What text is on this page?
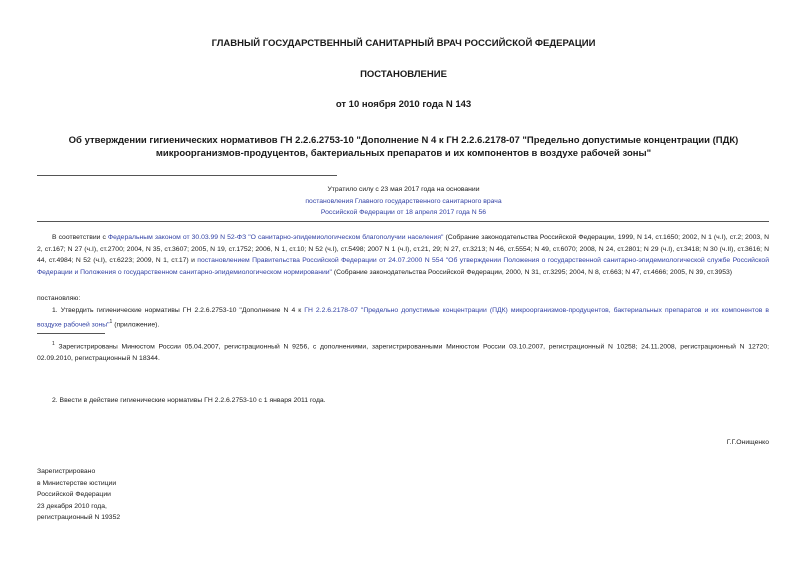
ГЛАВНЫЙ ГОСУДАРСТВЕННЫЙ САНИТАРНЫЙ ВРАЧ РОССИЙСКОЙ ФЕДЕРАЦИИ
ПОСТАНОВЛЕНИЕ
от 10 ноября 2010 года N 143
Об утверждении гигиенических нормативов ГН 2.2.6.2753-10 "Дополнение N 4 к ГН 2.2.6.2178-07 "Предельно допустимые концентрации (ПДК) микроорганизмов-продуцентов, бактериальных препаратов и их компонентов в воздухе рабочей зоны"
Утратило силу с 23 мая 2017 года на основании
постановления Главного государственного санитарного врача
Российской Федерации от 18 апреля 2017 года N 56
В соответствии с Федеральным законом от 30.03.99 N 52-ФЗ "О санитарно-эпидемиологическом благополучии населения" (Собрание законодательства Российской Федерации, 1999, N 14, ст.1650; 2002, N 1 (ч.I), ст.2; 2003, N 2, ст.167; N 27 (ч.I), ст.2700; 2004, N 35, ст.3607; 2005, N 19, ст.1752; 2006, N 1, ст.10; N 52 (ч.I), ст.5498; 2007 N 1 (ч.I), ст.21, 29; N 27, ст.3213; N 46, ст.5554; N 49, ст.6070; 2008, N 24, ст.2801; N 29 (ч.I), ст.3418; N 30 (ч.II), ст.3616; N 44, ст.4984; N 52 (ч.I), ст.6223; 2009, N 1, ст.17) и постановлением Правительства Российской Федерации от 24.07.2000 N 554 "Об утверждении Положения о государственной санитарно-эпидемиологической службе Российской Федерации и Положения о государственном санитарно-эпидемиологическом нормировании" (Собрание законодательства Российской Федерации, 2000, N 31, ст.3295; 2004, N 8, ст.663; N 47, ст.4666; 2005, N 39, ст.3953)
постановляю:
1. Утвердить гигиенические нормативы ГН 2.2.6.2753-10 "Дополнение N 4 к ГН 2.2.6.2178-07 "Предельно допустимые концентрации (ПДК) микроорганизмов-продуцентов, бактериальных препаратов и их компонентов в воздухе рабочей зоны"$^1$ (приложение).
$^1$ Зарегистрированы Минюстом России 05.04.2007, регистрационный N 9256, с дополнениями, зарегистрированными Минюстом России 03.10.2007, регистрационный N 10258; 24.11.2008, регистрационный N 12720; 02.09.2010, регистрационный N 18344.
2. Ввести в действие гигиенические нормативы ГН 2.2.6.2753-10 с 1 января 2011 года.
Г.Г.Онищенко
Зарегистрировано
в Министерстве юстиции
Российской Федерации
23 декабря 2010 года,
регистрационный N 19352
